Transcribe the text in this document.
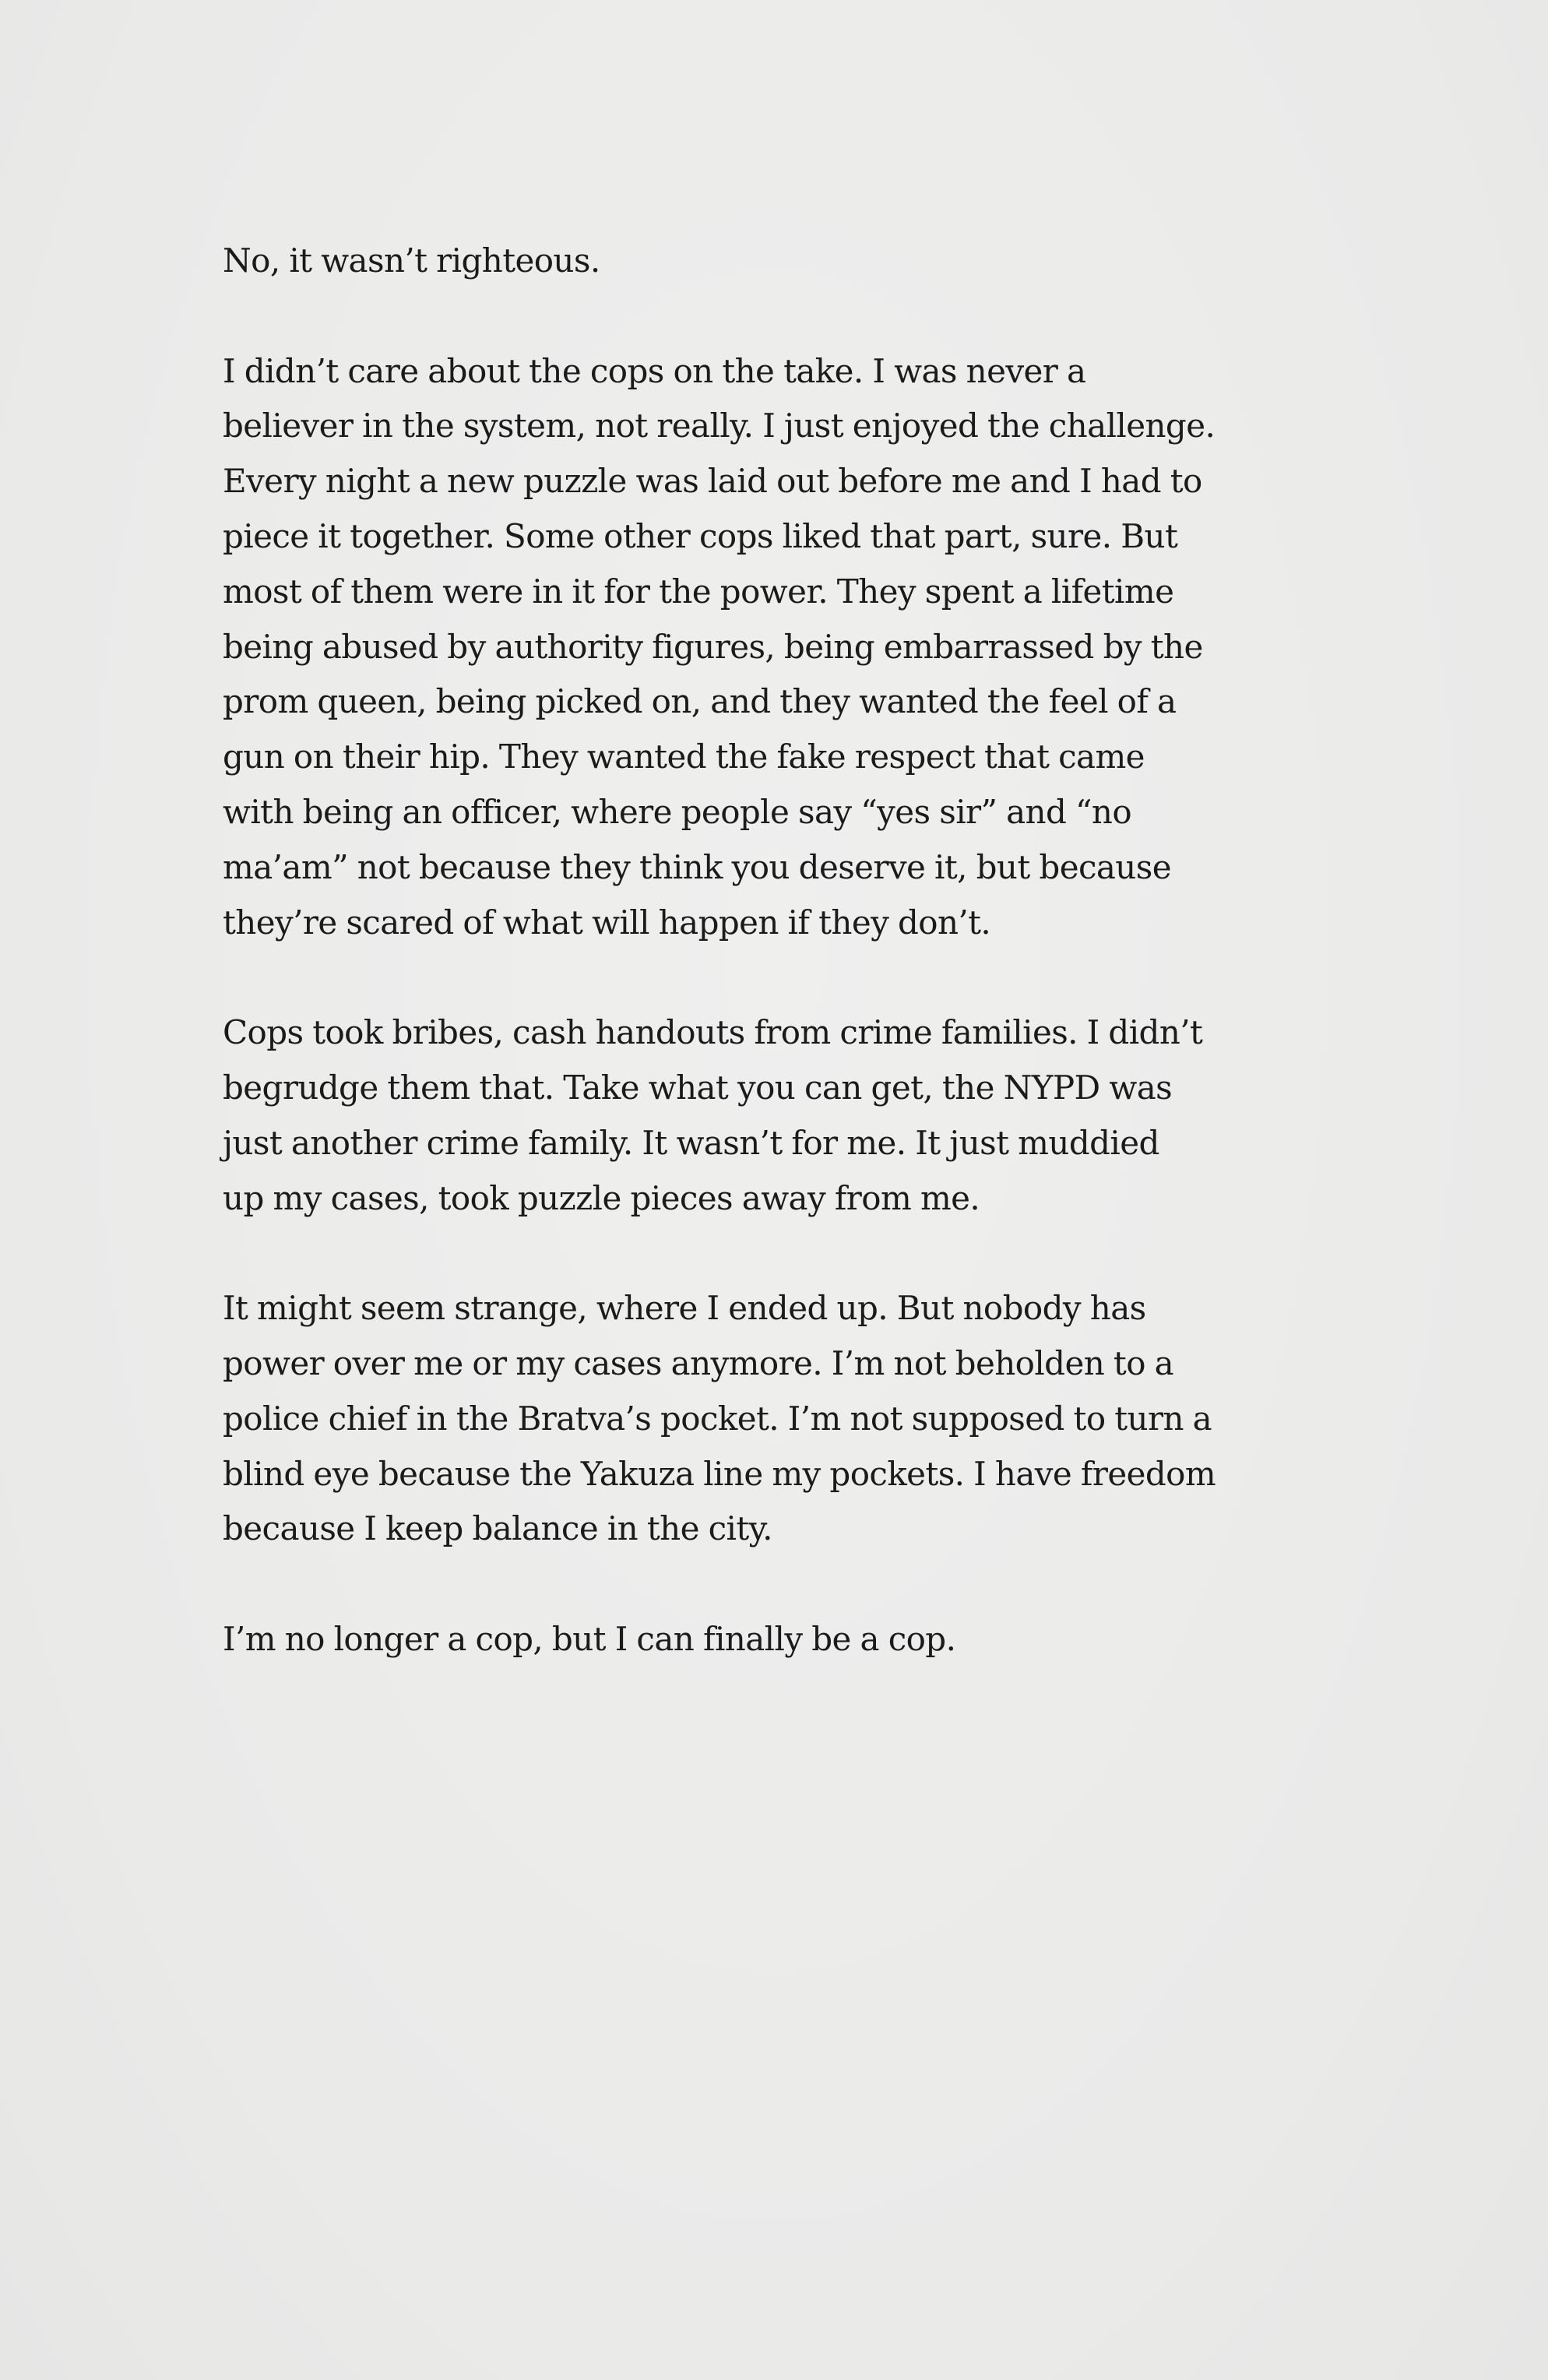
No, it wasn’t righteous.

I didn’t care about the cops on the take. I was never a
believer in the system, not really. I just enjoyed the challenge.
Every night a new puzzle was laid out before me and I had to
piece it together. Some other cops liked that part, sure. But
most of them were in it for the power. They spent a lifetime
being abused by authority figures, being embarrassed by the
prom queen, being picked on, and they wanted the feel of a
gun on their hip. They wanted the fake respect that came
with being an officer, where people say “yes sir” and “no
ma’am” not because they think you deserve it, but because
they’re scared of what will happen if they don’t.

Cops took bribes, cash handouts from crime families. I didn’t
begrudge them that. Take what you can get, the NYPD was
just another crime family. It wasn’t for me. It just muddied
up my cases, took puzzle pieces away from me.

It might seem strange, where I ended up. But nobody has
power over me or my cases anymore. I’m not beholden to a
police chief in the Bratva’s pocket. I’m not supposed to turn a
blind eye because the Yakuza line my pockets. I have freedom
because I keep balance in the city.

I’m no longer a cop, but I can finally be a cop.
